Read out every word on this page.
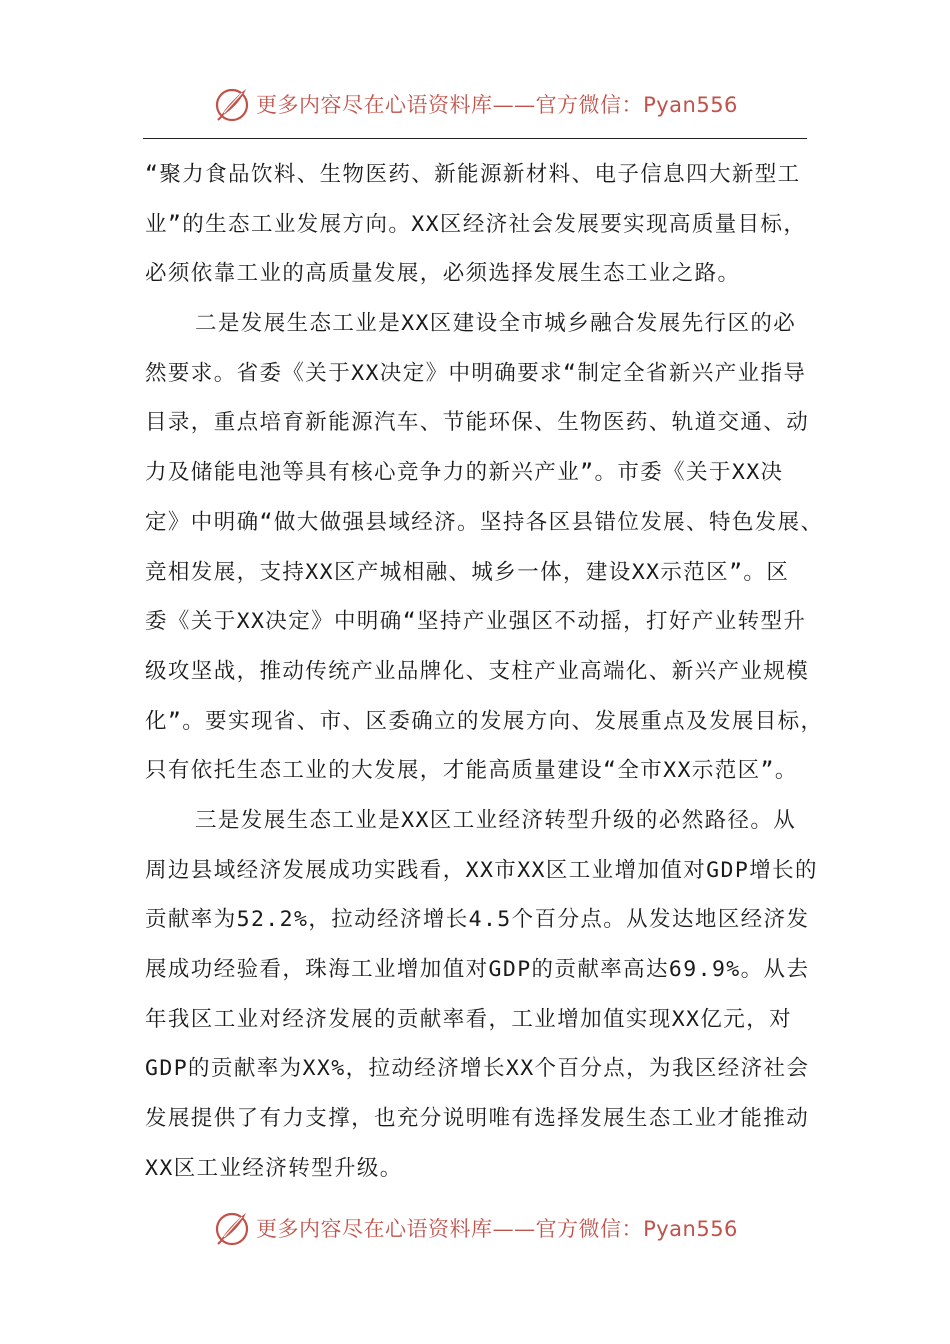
更多内容尽在心语资料库——官方微信：Pyan556
“聚力食品饮料、生物医药、新能源新材料、电子信息四大新型工
业”的生态工业发展方向。XX区经济社会发展要实现高质量目标，
必须依靠工业的高质量发展，必须选择发展生态工业之路。
二是发展生态工业是XX区建设全市城乡融合发展先行区的必
然要求。省委《关于XX决定》中明确要求“制定全省新兴产业指导
目录，重点培育新能源汽车、节能环保、生物医药、轨道交通、动
力及储能电池等具有核心竞争力的新兴产业”。市委《关于XX决
定》中明确“做大做强县域经济。坚持各区县错位发展、特色发展、
竞相发展，支持XX区产城相融、城乡一体，建设XX示范区”。区
委《关于XX决定》中明确“坚持产业强区不动摇，打好产业转型升
级攻坚战，推动传统产业品牌化、支柱产业高端化、新兴产业规模
化”。要实现省、市、区委确立的发展方向、发展重点及发展目标，
只有依托生态工业的大发展，才能高质量建设“全市XX示范区”。
三是发展生态工业是XX区工业经济转型升级的必然路径。从
周边县域经济发展成功实践看，XX市XX区工业增加值对GDP增长的
贡献率为52.2%，拉动经济增长4.5个百分点。从发达地区经济发
展成功经验看，珠海工业增加值对GDP的贡献率高达69.9%。从去
年我区工业对经济发展的贡献率看，工业增加值实现XX亿元，对
GDP的贡献率为XX%，拉动经济增长XX个百分点，为我区经济社会
发展提供了有力支撑，也充分说明唯有选择发展生态工业才能推动
XX区工业经济转型升级。
更多内容尽在心语资料库——官方微信：Pyan556
